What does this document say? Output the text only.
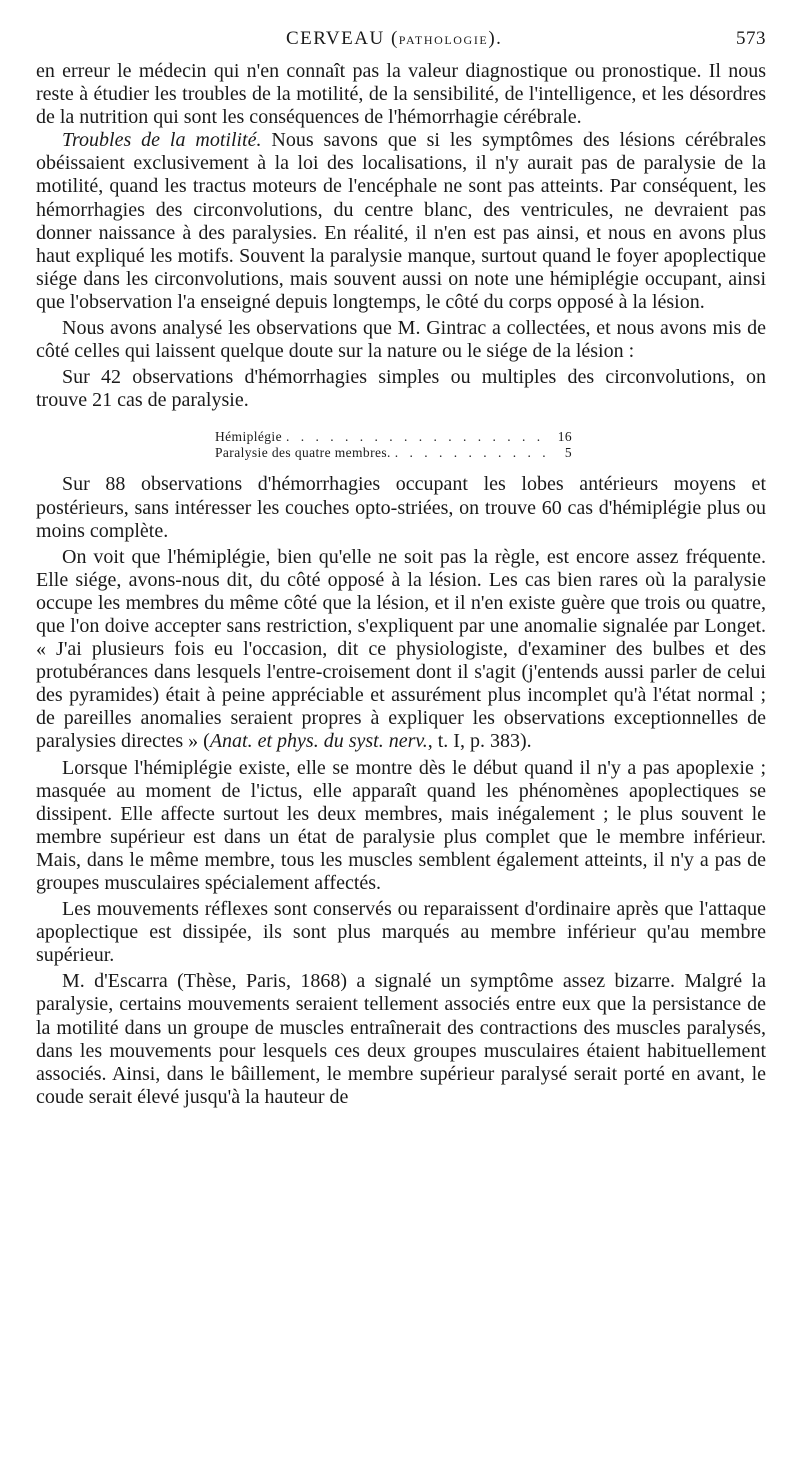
CERVEAU (PATHOLOGIE).	573

en erreur le médecin qui n'en connaît pas la valeur diagnostique ou pronostique. Il nous reste à étudier les troubles de la motilité, de la sensibilité, de l'intelligence, et les désordres de la nutrition qui sont les conséquences de l'hémorrhagie cérébrale.

Troubles de la motilité. Nous savons que si les symptômes des lésions cérébrales obéissaient exclusivement à la loi des localisations, il n'y aurait pas de paralysie de la motilité, quand les tractus moteurs de l'encéphale ne sont pas atteints. Par conséquent, les hémorrhagies des circonvolutions, du centre blanc, des ventricules, ne devraient pas donner naissance à des paralysies. En réalité, il n'en est pas ainsi, et nous en avons plus haut expliqué les motifs. Souvent la paralysie manque, surtout quand le foyer apoplectique siége dans les circonvolutions, mais souvent aussi on note une hémiplégie occupant, ainsi que l'observation l'a enseigné depuis longtemps, le côté du corps opposé à la lésion.

Nous avons analysé les observations que M. Gintrac a collectées, et nous avons mis de côté celles qui laissent quelque doute sur la nature ou le siége de la lésion :

Sur 42 observations d'hémorrhagies simples ou multiples des circonvolutions, on trouve 21 cas de paralysie.

Hémiplégie . . .	16
Paralysie des quatre membres. . . .	5

Sur 88 observations d'hémorrhagies occupant les lobes antérieurs moyens et postérieurs, sans intéresser les couches opto-striées, on trouve 60 cas d'hémiplégie plus ou moins complète.

On voit que l'hémiplégie, bien qu'elle ne soit pas la règle, est encore assez fréquente. Elle siége, avons-nous dit, du côté opposé à la lésion. Les cas bien rares où la paralysie occupe les membres du même côté que la lésion, et il n'en existe guère que trois ou quatre, que l'on doive accepter sans restriction, s'expliquent par une anomalie signalée par Longet. « J'ai plusieurs fois eu l'occasion, dit ce physiologiste, d'examiner des bulbes et des protubérances dans lesquels l'entre-croisement dont il s'agit (j'entends aussi parler de celui des pyramides) était à peine appréciable et assurément plus incomplet qu'à l'état normal ; de pareilles anomalies seraient propres à expliquer les observations exceptionnelles de paralysies directes » (Anat. et phys. du syst. nerv., t. I, p. 383).

Lorsque l'hémiplégie existe, elle se montre dès le début quand il n'y a pas apoplexie ; masquée au moment de l'ictus, elle apparaît quand les phénomènes apoplectiques se dissipent. Elle affecte surtout les deux membres, mais inégalement ; le plus souvent le membre supérieur est dans un état de paralysie plus complet que le membre inférieur. Mais, dans le même membre, tous les muscles semblent également atteints, il n'y a pas de groupes musculaires spécialement affectés.

Les mouvements réflexes sont conservés ou reparaissent d'ordinaire après que l'attaque apoplectique est dissipée, ils sont plus marqués au membre inférieur qu'au membre supérieur.

M. d'Escarra (Thèse, Paris, 1868) a signalé un symptôme assez bizarre. Malgré la paralysie, certains mouvements seraient tellement associés entre eux que la persistance de la motilité dans un groupe de muscles entraînerait des contractions des muscles paralysés, dans les mouvements pour lesquels ces deux groupes musculaires étaient habituellement associés. Ainsi, dans le bâillement, le membre supérieur paralysé serait porté en avant, le coude serait élevé jusqu'à la hauteur de
